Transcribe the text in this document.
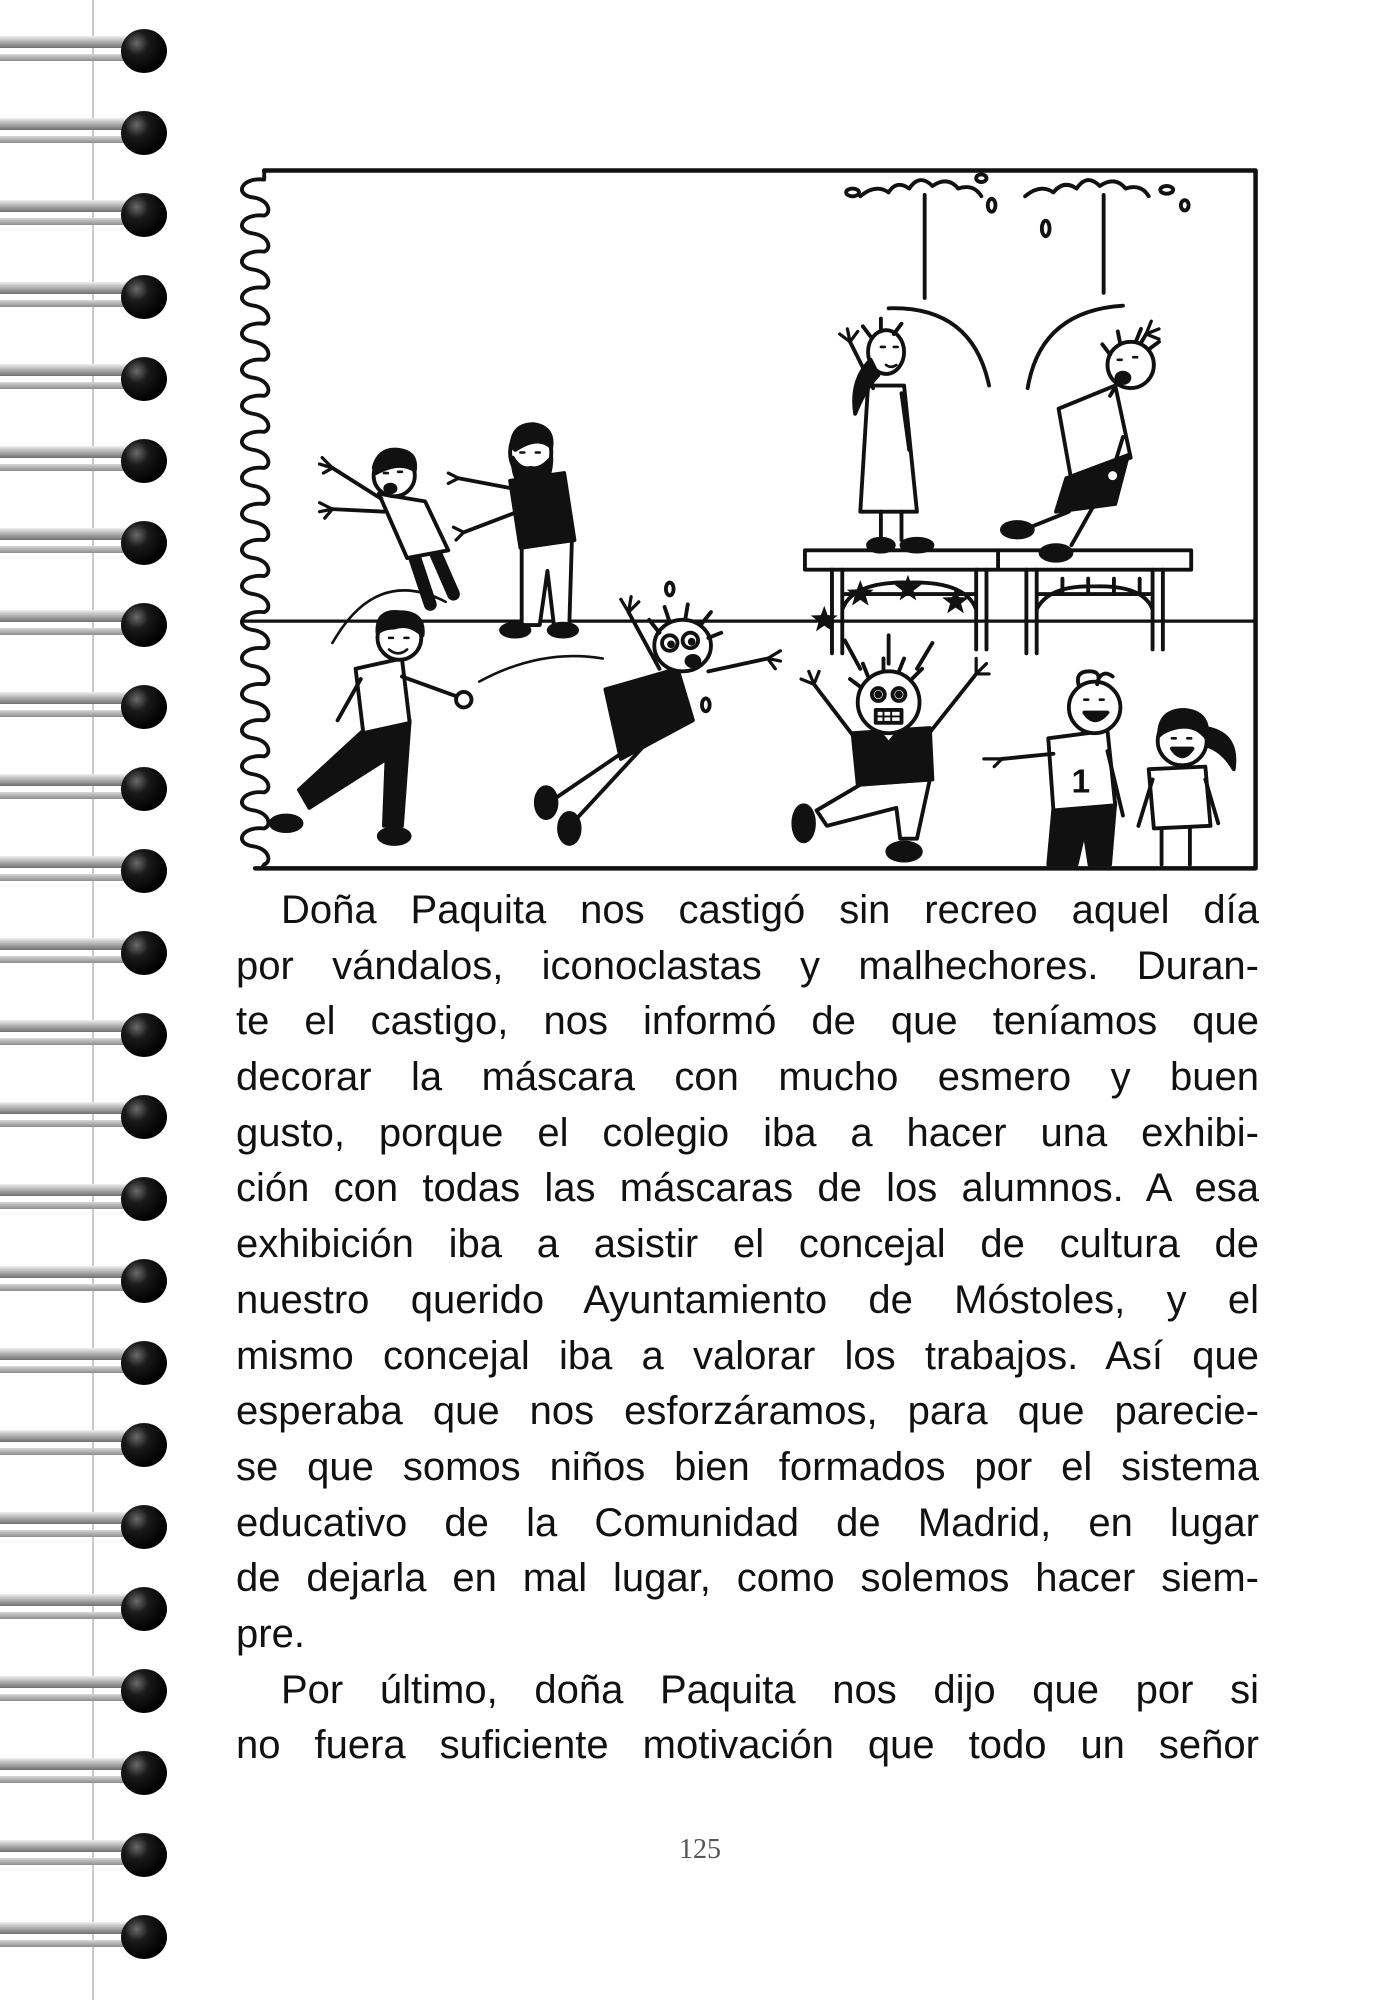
1
Doña Paquita nos castigó sin recreo aquel día
por vándalos, iconoclastas y malhechores. Duran-
te el castigo, nos informó de que teníamos que
decorar la máscara con mucho esmero y buen
gusto, porque el colegio iba a hacer una exhibi-
ción con todas las máscaras de los alumnos. A esa
exhibición iba a asistir el concejal de cultura de
nuestro querido Ayuntamiento de Móstoles, y el
mismo concejal iba a valorar los trabajos. Así que
esperaba que nos esforzáramos, para que parecie-
se que somos niños bien formados por el sistema
educativo de la Comunidad de Madrid, en lugar
de dejarla en mal lugar, como solemos hacer siem-
pre.
Por último, doña Paquita nos dijo que por si
no fuera suficiente motivación que todo un señor
125
